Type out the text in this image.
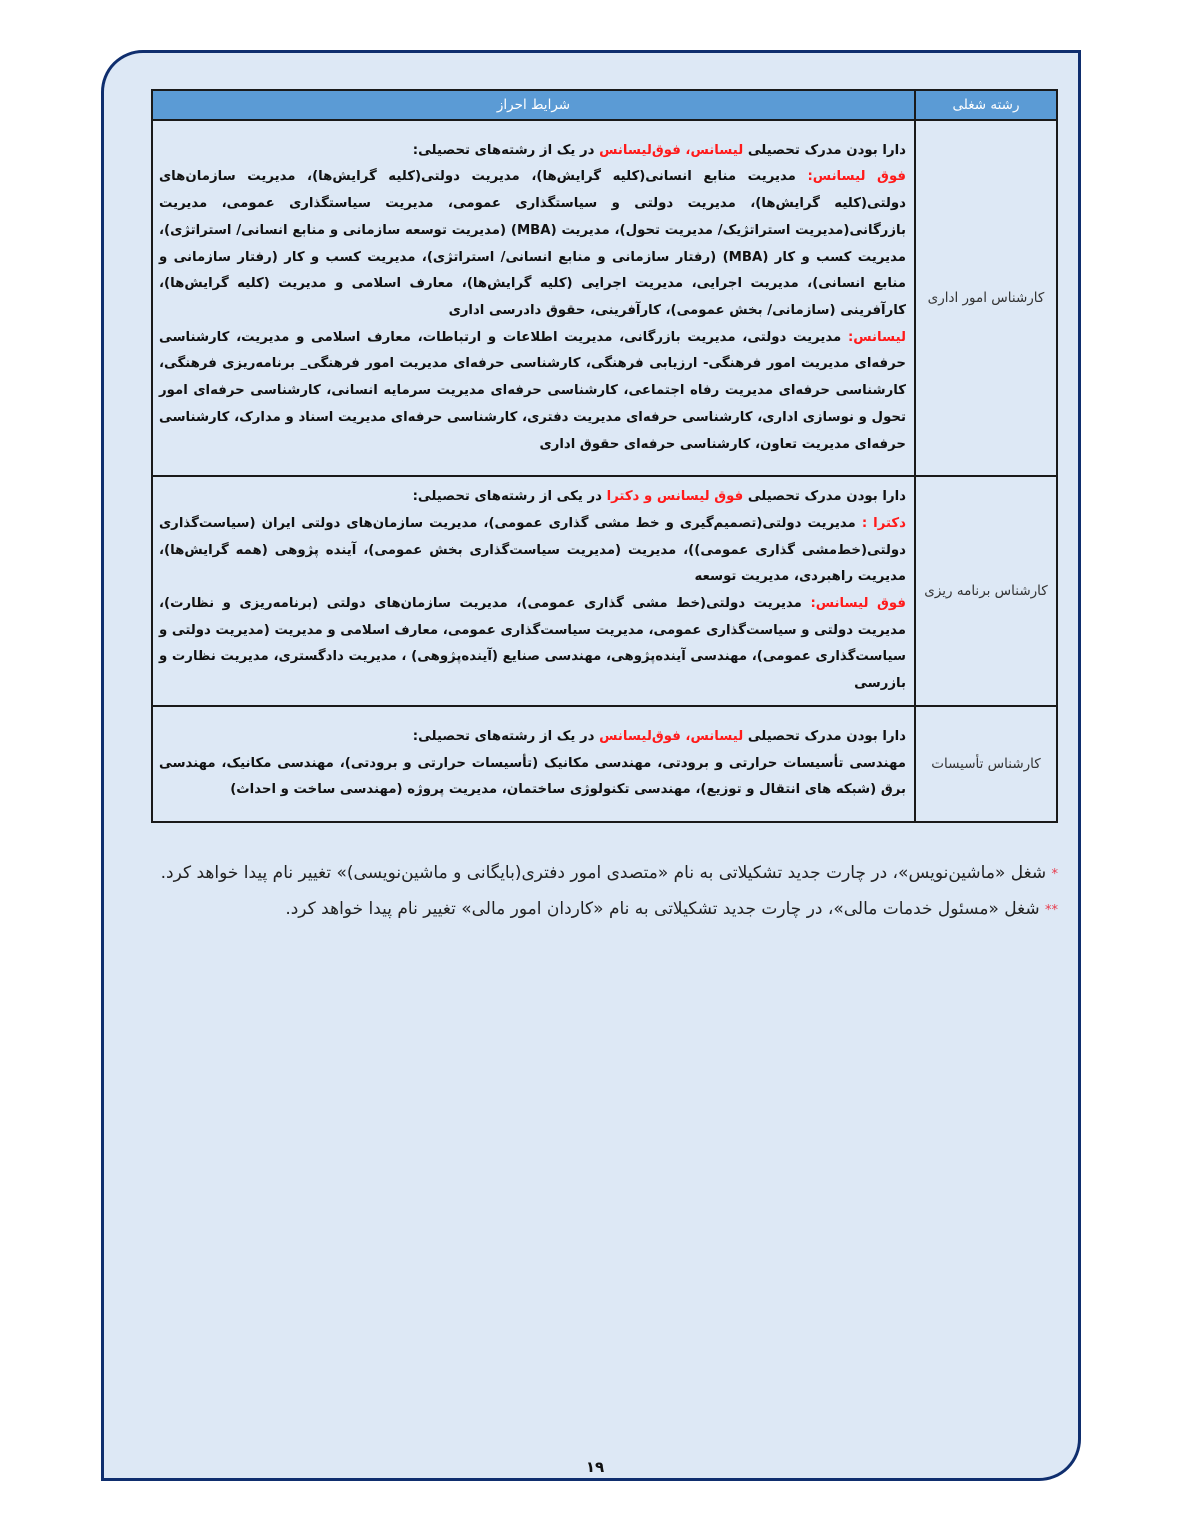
رشته شغلی	شرایط احراز
کارشناس امور اداری	دارا بودن مدرک تحصیلی لیسانس، فوق‌لیسانس در یک از رشته‌های تحصیلی:

فوق لیسانس: مدیریت منابع انسانی(کلیه گرایش‌ها)، مدیریت دولتی(کلیه گرایش‌ها)، مدیریت سازمان‌های دولتی(کلیه گرایش‌ها)، مدیریت دولتی و سیاستگذاری عمومی، مدیریت سیاستگذاری عمومی، مدیریت بازرگانی(مدیریت استراتژیک/ مدیریت تحول)، مدیریت (MBA) (مدیریت توسعه سازمانی و منابع انسانی/ استراتژی)، مدیریت کسب و کار (MBA) (رفتار سازمانی و منابع انسانی/ استراتژی)، مدیریت کسب و کار (رفتار سازمانی و منابع انسانی)، مدیریت اجرایی، مدیریت اجرایی (کلیه گرایش‌ها)، معارف اسلامی و مدیریت (کلیه گرایش‌ها)، کارآفرینی (سازمانی/ بخش عمومی)، کارآفرینی، حقوق دادرسی اداری

لیسانس: مدیریت دولتی، مدیریت بازرگانی، مدیریت اطلاعات و ارتباطات، معارف اسلامی و مدیریت، کارشناسی حرفه‌ای مدیریت امور فرهنگی- ارزیابی فرهنگی، کارشناسی حرفه‌ای مدیریت امور فرهنگی_ برنامه‌ریزی فرهنگی، کارشناسی حرفه‌ای مدیریت رفاه اجتماعی، کارشناسی حرفه‌ای مدیریت سرمایه انسانی، کارشناسی حرفه‌ای امور تحول و نوسازی اداری، کارشناسی حرفه‌ای مدیریت دفتری، کارشناسی حرفه‌ای مدیریت اسناد و مدارک، کارشناسی حرفه‌ای مدیریت تعاون، کارشناسی حرفه‌ای حقوق اداری

کارشناس برنامه ریزی	دارا بودن مدرک تحصیلی فوق لیسانس و دکترا در یکی از رشته‌های تحصیلی:

دکترا : مدیریت دولتی(تصمیم‌گیری و خط مشی گذاری عمومی)، مدیریت سازمان‌های دولتی ایران (سیاست‌گذاری دولتی(خط‌مشی گذاری عمومی))، مدیریت (مدیریت سیاست‌گذاری بخش عمومی)، آینده پژوهی (همه گرایش‌ها)، مدیریت راهبردی، مدیریت توسعه

فوق لیسانس: مدیریت دولتی(خط مشی گذاری عمومی)، مدیریت سازمان‌های دولتی (برنامه‌ریزی و نظارت)، مدیریت دولتی و سیاست‌گذاری عمومی، مدیریت سیاست‌گذاری عمومی، معارف اسلامی و مدیریت (مدیریت دولتی و سیاست‌گذاری عمومی)، مهندسی آینده‌پژوهی، مهندسی صنایع (آینده‌پژوهی) ، مدیریت دادگستری، مدیریت نظارت و بازرسی

کارشناس تأسیسات	دارا بودن مدرک تحصیلی لیسانس، فوق‌لیسانس در یک از رشته‌های تحصیلی:

مهندسی تأسیسات حرارتی و برودتی، مهندسی مکانیک (تأسیسات حرارتی و برودتی)، مهندسی مکانیک، مهندسی برق (شبکه های انتقال و توزیع)، مهندسی تکنولوژی ساختمان، مدیریت پروژه (مهندسی ساخت و احداث)

* شغل «ماشین‌نویس»، در چارت جدید تشکیلاتی به نام «متصدی امور دفتری(بایگانی و ماشین‌نویسی)» تغییر نام پیدا خواهد کرد.

** شغل «مسئول خدمات مالی»، در چارت جدید تشکیلاتی به نام «کاردان امور مالی» تغییر نام پیدا خواهد کرد.

۱۹
